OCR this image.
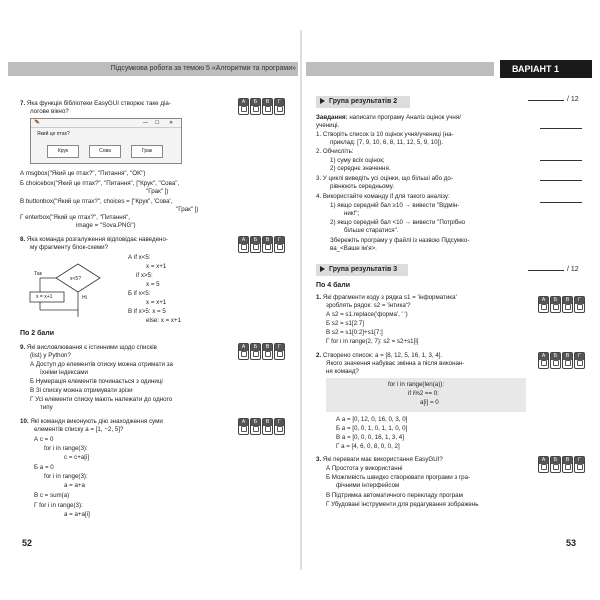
Підсумкова робота за темою 5 «Алгоритми та програми»	ВАРІАНТ 1
7. Яка функція бібліотеки EasyGUI створює таке діа-
логове вікно?
А	Б	В	Г
🪶	— ☐ ✕
Який це птах?
Крук	Сова	Грак
А msgbox("Який це птах?", "Питання", "OK")
Б choicebox("Який це птах?", "Питання", ["Крук", "Сова",
"Грак" ])
В buttonbox("Який це птах?", choices = ["Крук", 'Сова',
"Грак" ])
Г enterbox("Який це птах?", "Питання",
image = "Sova.PNG")
8. Яка команда розгалуження відповідає наведено-
му фрагменту блок-схеми?
А	Б	В	Г
x<5?
Так
Ні
x = x+1
А if x<5:
x = x+1
if x>5:
x = 5
Б if x<5:
x = x+1
В if x>5: x = 5
else: x = x+1
По 2 бали
9. Які висловлювання є істинними щодо списків
(list) у Python?
А	Б	В	Г
А Доступ до елементів списку можна отримати за
їхніми індексами
Б Нумерація елементів починається з одиниці
В Зі списку можна отримувати зрізи
Г Усі елементи списку мають належати до одного
типу
10. Які команди виконують дію знаходження суми
елементів списку a = [1, −2, 5]?
А	Б	В	Г
А c = 0
for i in range(3):
c = c+a[i]
Б a = 0
for i in range(3):
a = a+a
В c = sum(a)
Г for i in range(3):
a = a+a[i]
52
Група результатів 2	/ 12
Завдання: написати програму Аналіз оцінок учня/
учениці.
1. Створіть список із 10 оцінок учня/учениці (на-
приклад: [7, 9, 10, 6, 8, 11, 12, 5, 9, 10]).
2. Обчисліть:
1) суму всіх оцінок;
2) середнє значення.
3. У циклі виведіть усі оцінки, що більші або до-
рівнюють середньому.
4. Використайте команду if для такого аналізу:
1) якщо середній бал ≥10 → вивести "Відмін-
ник!";
2) якщо середній бал <10 → вивести "Потрібно
більше старатися".
Збережіть програму у файлі із назвою Підсумко-
ва_<Ваше ім'я>.
Група результатів 3	/ 12
По 4 бали
1. Які фрагменти коду з рядка s1 = 'інформатика'
зроблять рядок: s2 = 'інтика'?
А	Б	В	Г
А s2 = s1.replace('форма', ' ')
Б s2 = s1[2:7]
В s2 = s1[0:2]+s1[7:]
Г for i in range(2, 7): s2 = s2+s1[i]
2. Створено список: a = [8, 12, 5, 16, 1, 3, 4].
Якого значення набуває змінна a після виконан-
ня команд?
А	Б	В	Г
for i in range(len(a)):
if i%2 == 0:
a[i] = 0
А a = [0, 12, 0, 16, 0, 3, 0]
Б a = [0, 0, 1, 0, 1, 1, 0, 0]
В a = [0, 0, 0, 16, 1, 3, 4]
Г a = [4, 6, 0, 8, 0, 0, 2]
3. Які переваги має використання EasyGUI?	А	Б	В	Г
А Простота у використанні
Б Можливість швидко створювати програми з гра-
фічними інтерфейсом
В Підтримка автоматичного перекладу програм
Г Убудовані інструменти для редагування зображень
53
